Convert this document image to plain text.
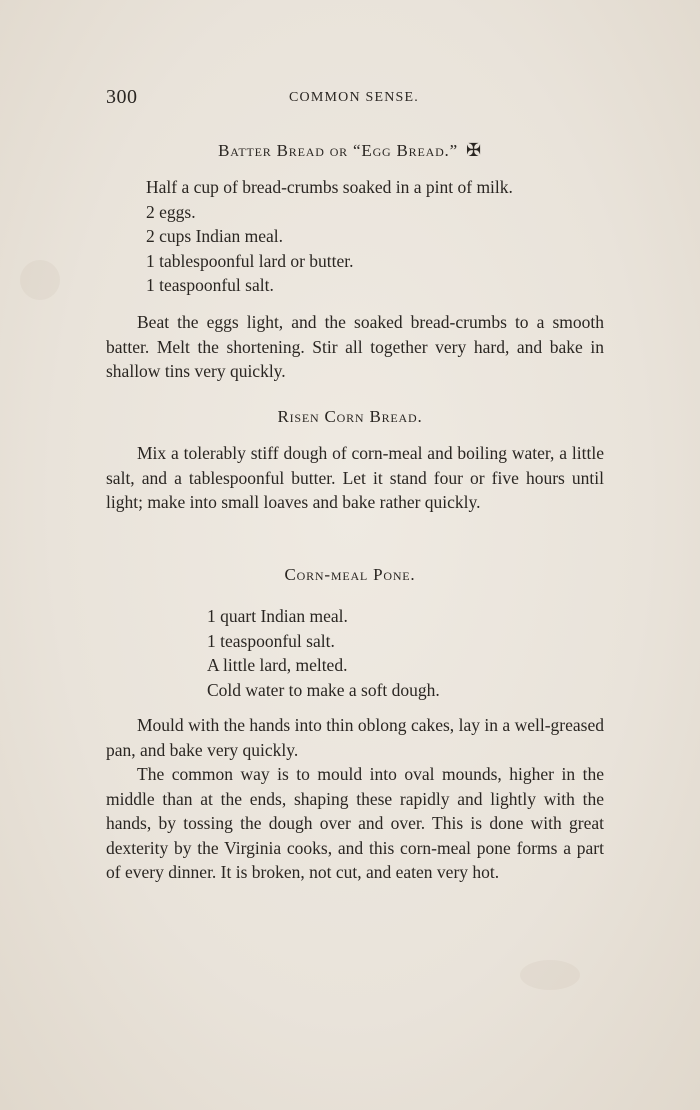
300	COMMON SENSE.
Batter Bread or “Egg Bread.” ✠
Half a cup of bread-crumbs soaked in a pint of milk.
2 eggs.
2 cups Indian meal.
1 tablespoonful lard or butter.
1 teaspoonful salt.

Beat the eggs light, and the soaked bread-crumbs to a smooth batter. Melt the shortening. Stir all together very hard, and bake in shallow tins very quickly.

Risen Corn Bread.

Mix a tolerably stiff dough of corn-meal and boiling water, a little salt, and a tablespoonful butter. Let it stand four or five hours until light; make into small loaves and bake rather quickly.

Corn-meal Pone.
1 quart Indian meal.
1 teaspoonful salt.
A little lard, melted.
Cold water to make a soft dough.

Mould with the hands into thin oblong cakes, lay in a well-greased pan, and bake very quickly.

The common way is to mould into oval mounds, higher in the middle than at the ends, shaping these rapidly and lightly with the hands, by tossing the dough over and over. This is done with great dexterity by the Virginia cooks, and this corn-meal pone forms a part of every dinner. It is broken, not cut, and eaten very hot.
